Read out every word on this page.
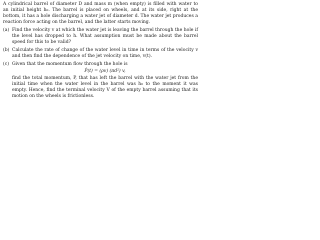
A cylindrical barrel of diameter D and mass m (when empty) is filled with water to an initial height h₀. The barrel is placed on wheels, and at its side, right at the bottom, it has a hole discharging a water jet of diameter d. The water jet produces a reaction force acting on the barrel, and the latter starts moving.

(a) Find the velocity v at which the water jet is leaving the barrel through the hole if the level has dropped to h. What assumption must be made about the barrel speed for this to be valid?
(b) Calculate the rate of change of the water level in time in terms of the velocity v and then find the dependence of the jet velocity on time, v(t).
(c) Given that the momentum flow through the hole is

Ṗ(t) = (ρv) (πd²) v,

find the total momentum, P, that has left the barrel with the water jet from the initial time when the water level in the barrel was h₀ to the moment it was empty. Hence, find the terminal velocity V of the empty barrel assuming that its motion on the wheels is frictionless.
